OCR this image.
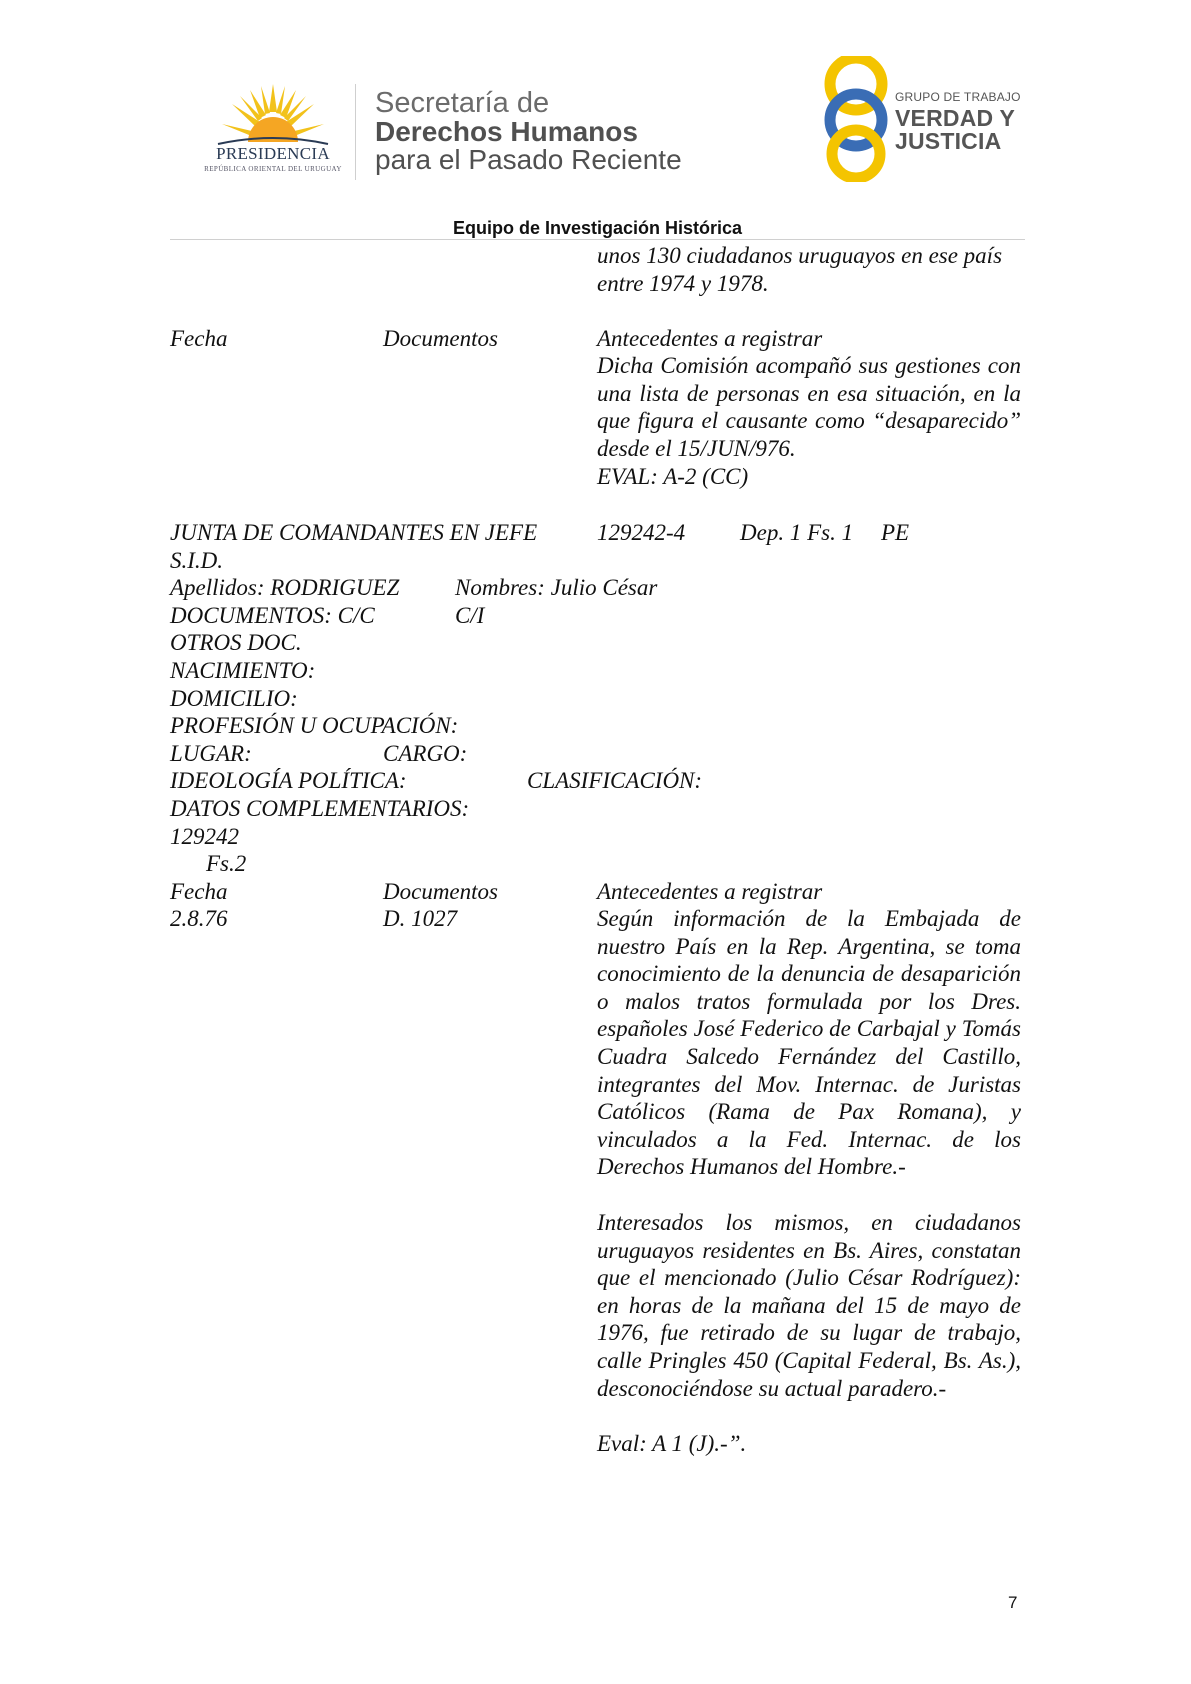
PRESIDENCIA
REPÚBLICA ORIENTAL DEL URUGUAY
Secretaría de
Derechos Humanos
para el Pasado Reciente
GRUPO DE TRABAJO
VERDAD Y
JUSTICIA
Equipo de Investigación Histórica
unos 130 ciudadanos uruguayos en ese país
entre 1974 y 1978.
Fecha	Documentos	Antecedentes a registrar
Dicha Comisión acompañó sus gestiones con una lista de personas en esa situación, en la que figura el causante como “desaparecido” desde el 15/JUN/976.
EVAL: A-2 (CC)
JUNTA DE COMANDANTES EN JEFE	129242-4 Dep. 1 Fs. 1 PE
S.I.D.
Apellidos: RODRIGUEZ Nombres: Julio César
DOCUMENTOS: C/C	C/I
OTROS DOC.
NACIMIENTO:
DOMICILIO:
PROFESIÓN U OCUPACIÓN:
LUGAR:	CARGO:
IDEOLOGÍA POLÍTICA:	CLASIFICACIÓN:
DATOS COMPLEMENTARIOS:
129242
Fs.2
Fecha	Documentos	Antecedentes a registrar
2.8.76	D. 1027	Según información de la Embajada de nuestro País en la Rep. Argentina, se toma conocimiento de la denuncia de desaparición o malos tratos formulada por los Dres. españoles José Federico de Carbajal y Tomás Cuadra Salcedo Fernández del Castillo, integrantes del Mov. Internac. de Juristas Católicos (Rama de Pax Romana), y vinculados a la Fed. Internac. de los Derechos Humanos del Hombre.-
Interesados los mismos, en ciudadanos uruguayos residentes en Bs. Aires, constatan que el mencionado (Julio César Rodríguez): en horas de la mañana del 15 de mayo de 1976, fue retirado de su lugar de trabajo, calle Pringles 450 (Capital Federal, Bs. As.), desconociéndose su actual paradero.-
Eval: A 1 (J).-”.
7
